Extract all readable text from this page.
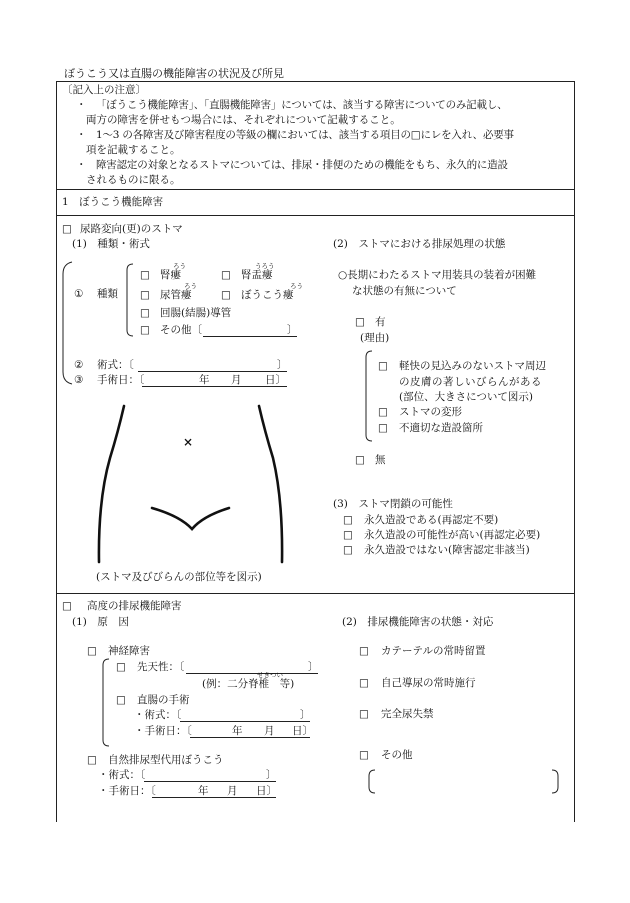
ぼうこう又は直腸の機能障害の状況及び所見
〔記入上の注意〕
・ 「ぼうこう機能障害」、「直腸機能障害」については、該当する障害についてのみ記載し、
両方の障害を併せもつ場合には、それぞれについて記載すること。
・ 1～3 の各障害及び障害程度の等級の欄においては、該当する項目の□にレを入れ、必要事
項を記載すること。
・ 障害認定の対象となるストマについては、排尿・排便のための機能をもち、永久的に造設
されるものに限る。
1　ぼうこう機能障害
□ 尿路変向(更)のストマ
(1)　種類・術式
① 種類
□ 腎瘻
ろう
□ 腎盂瘻
うろう
□ 尿管瘻
ろう
□ ぼうこう瘻
ろう
□ 回腸(結腸)導管
□ その他〔	〕
② 術式：〔	〕
③ 手術日：〔	年 月 日〕
×
(ストマ及びびらんの部位等を図示)
(2)　ストマにおける排尿処理の状態
○長期にわたるストマ用装具の装着が困難
な状態の有無について
□ 有
(理由)
□ 軽快の見込みのないストマ周辺
の皮膚の著しいびらんがある
(部位、大きさについて図示)
□ ストマの変形
□ 不適切な造設箇所
□ 無
(3)　ストマ閉鎖の可能性
□ 永久造設である(再認定不要)
□ 永久造設の可能性が高い(再認定必要)
□ 永久造設ではない(障害認定非該当)
□ 高度の排尿機能障害
(1)　原　因
□ 神経障害
□ 先天性：〔	〕
(例：二分脊椎　等)
せきつい
□ 直腸の手術
・術式：〔	〕
・手術日：〔	年 月 日〕
□ 自然排尿型代用ぼうこう
・術式：〔	〕
・手術日：〔	年 月 日〕
(2)　排尿機能障害の状態・対応
□ カテーテルの常時留置
□ 自己導尿の常時施行
□ 完全尿失禁
□ その他
